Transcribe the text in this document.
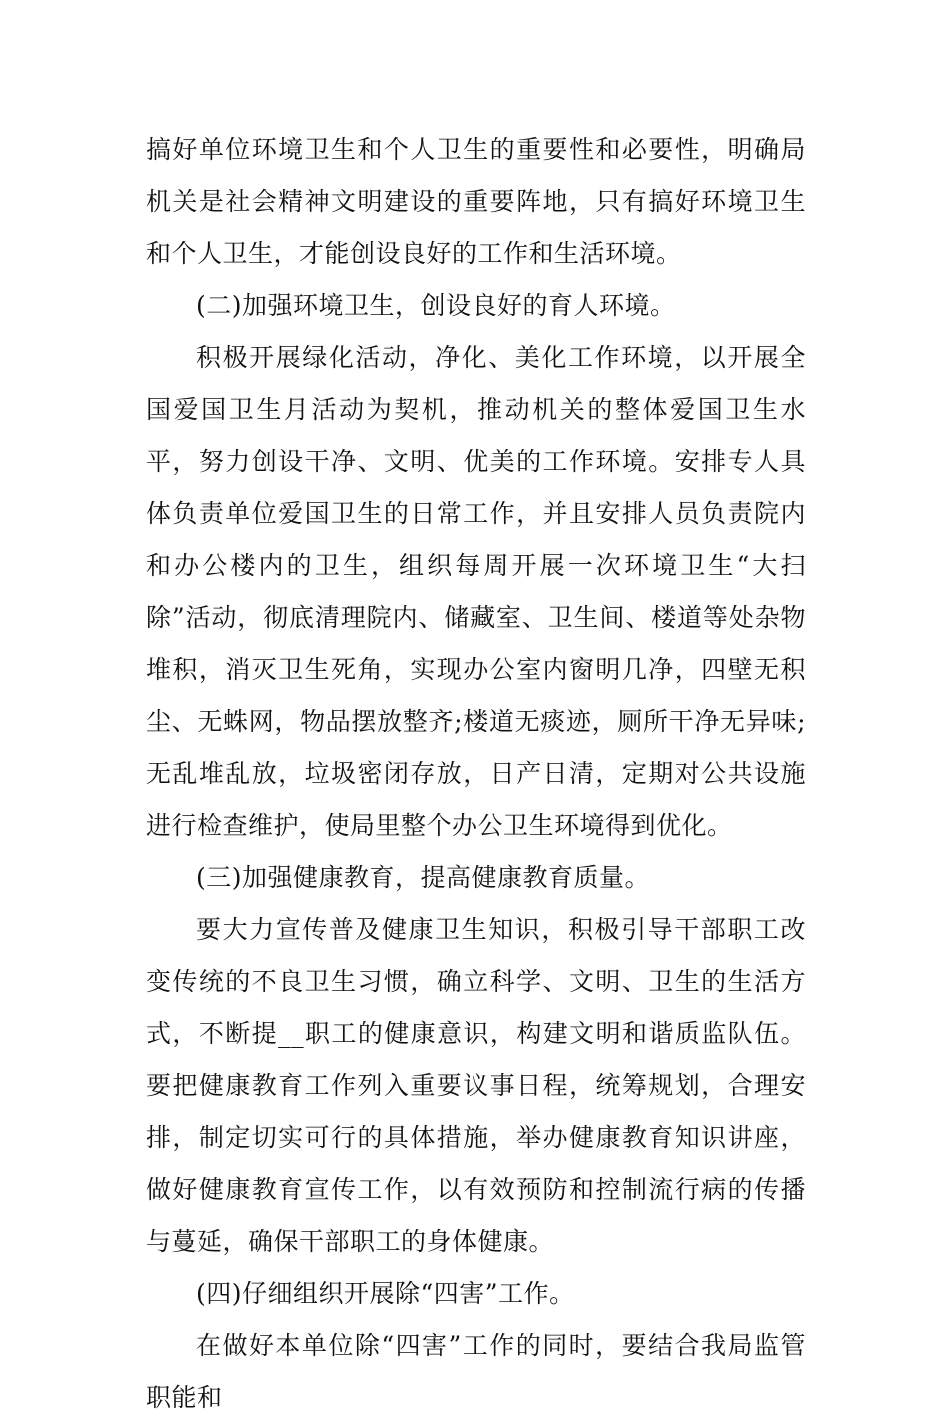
搞好单位环境卫生和个人卫生的重要性和必要性，明确局机关是社会精神文明建设的重要阵地，只有搞好环境卫生和个人卫生，才能创设良好的工作和生活环境。

(二)加强环境卫生，创设良好的育人环境。

积极开展绿化活动，净化、美化工作环境，以开展全国爱国卫生月活动为契机，推动机关的整体爱国卫生水平，努力创设干净、文明、优美的工作环境。安排专人具体负责单位爱国卫生的日常工作，并且安排人员负责院内和办公楼内的卫生，组织每周开展一次环境卫生“大扫除”活动，彻底清理院内、储藏室、卫生间、楼道等处杂物堆积，消灭卫生死角，实现办公室内窗明几净，四壁无积尘、无蛛网，物品摆放整齐;楼道无痰迹，厕所干净无异味;无乱堆乱放，垃圾密闭存放，日产日清，定期对公共设施进行检查维护，使局里整个办公卫生环境得到优化。

(三)加强健康教育，提高健康教育质量。

要大力宣传普及健康卫生知识，积极引导干部职工改变传统的不良卫生习惯，确立科学、文明、卫生的生活方式，不断提__职工的健康意识，构建文明和谐质监队伍。要把健康教育工作列入重要议事日程，统筹规划，合理安排，制定切实可行的具体措施，举办健康教育知识讲座，做好健康教育宣传工作，以有效预防和控制流行病的传播与蔓延，确保干部职工的身体健康。

(四)仔细组织开展除“四害”工作。

在做好本单位除“四害”工作的同时，要结合我局监管职能和
